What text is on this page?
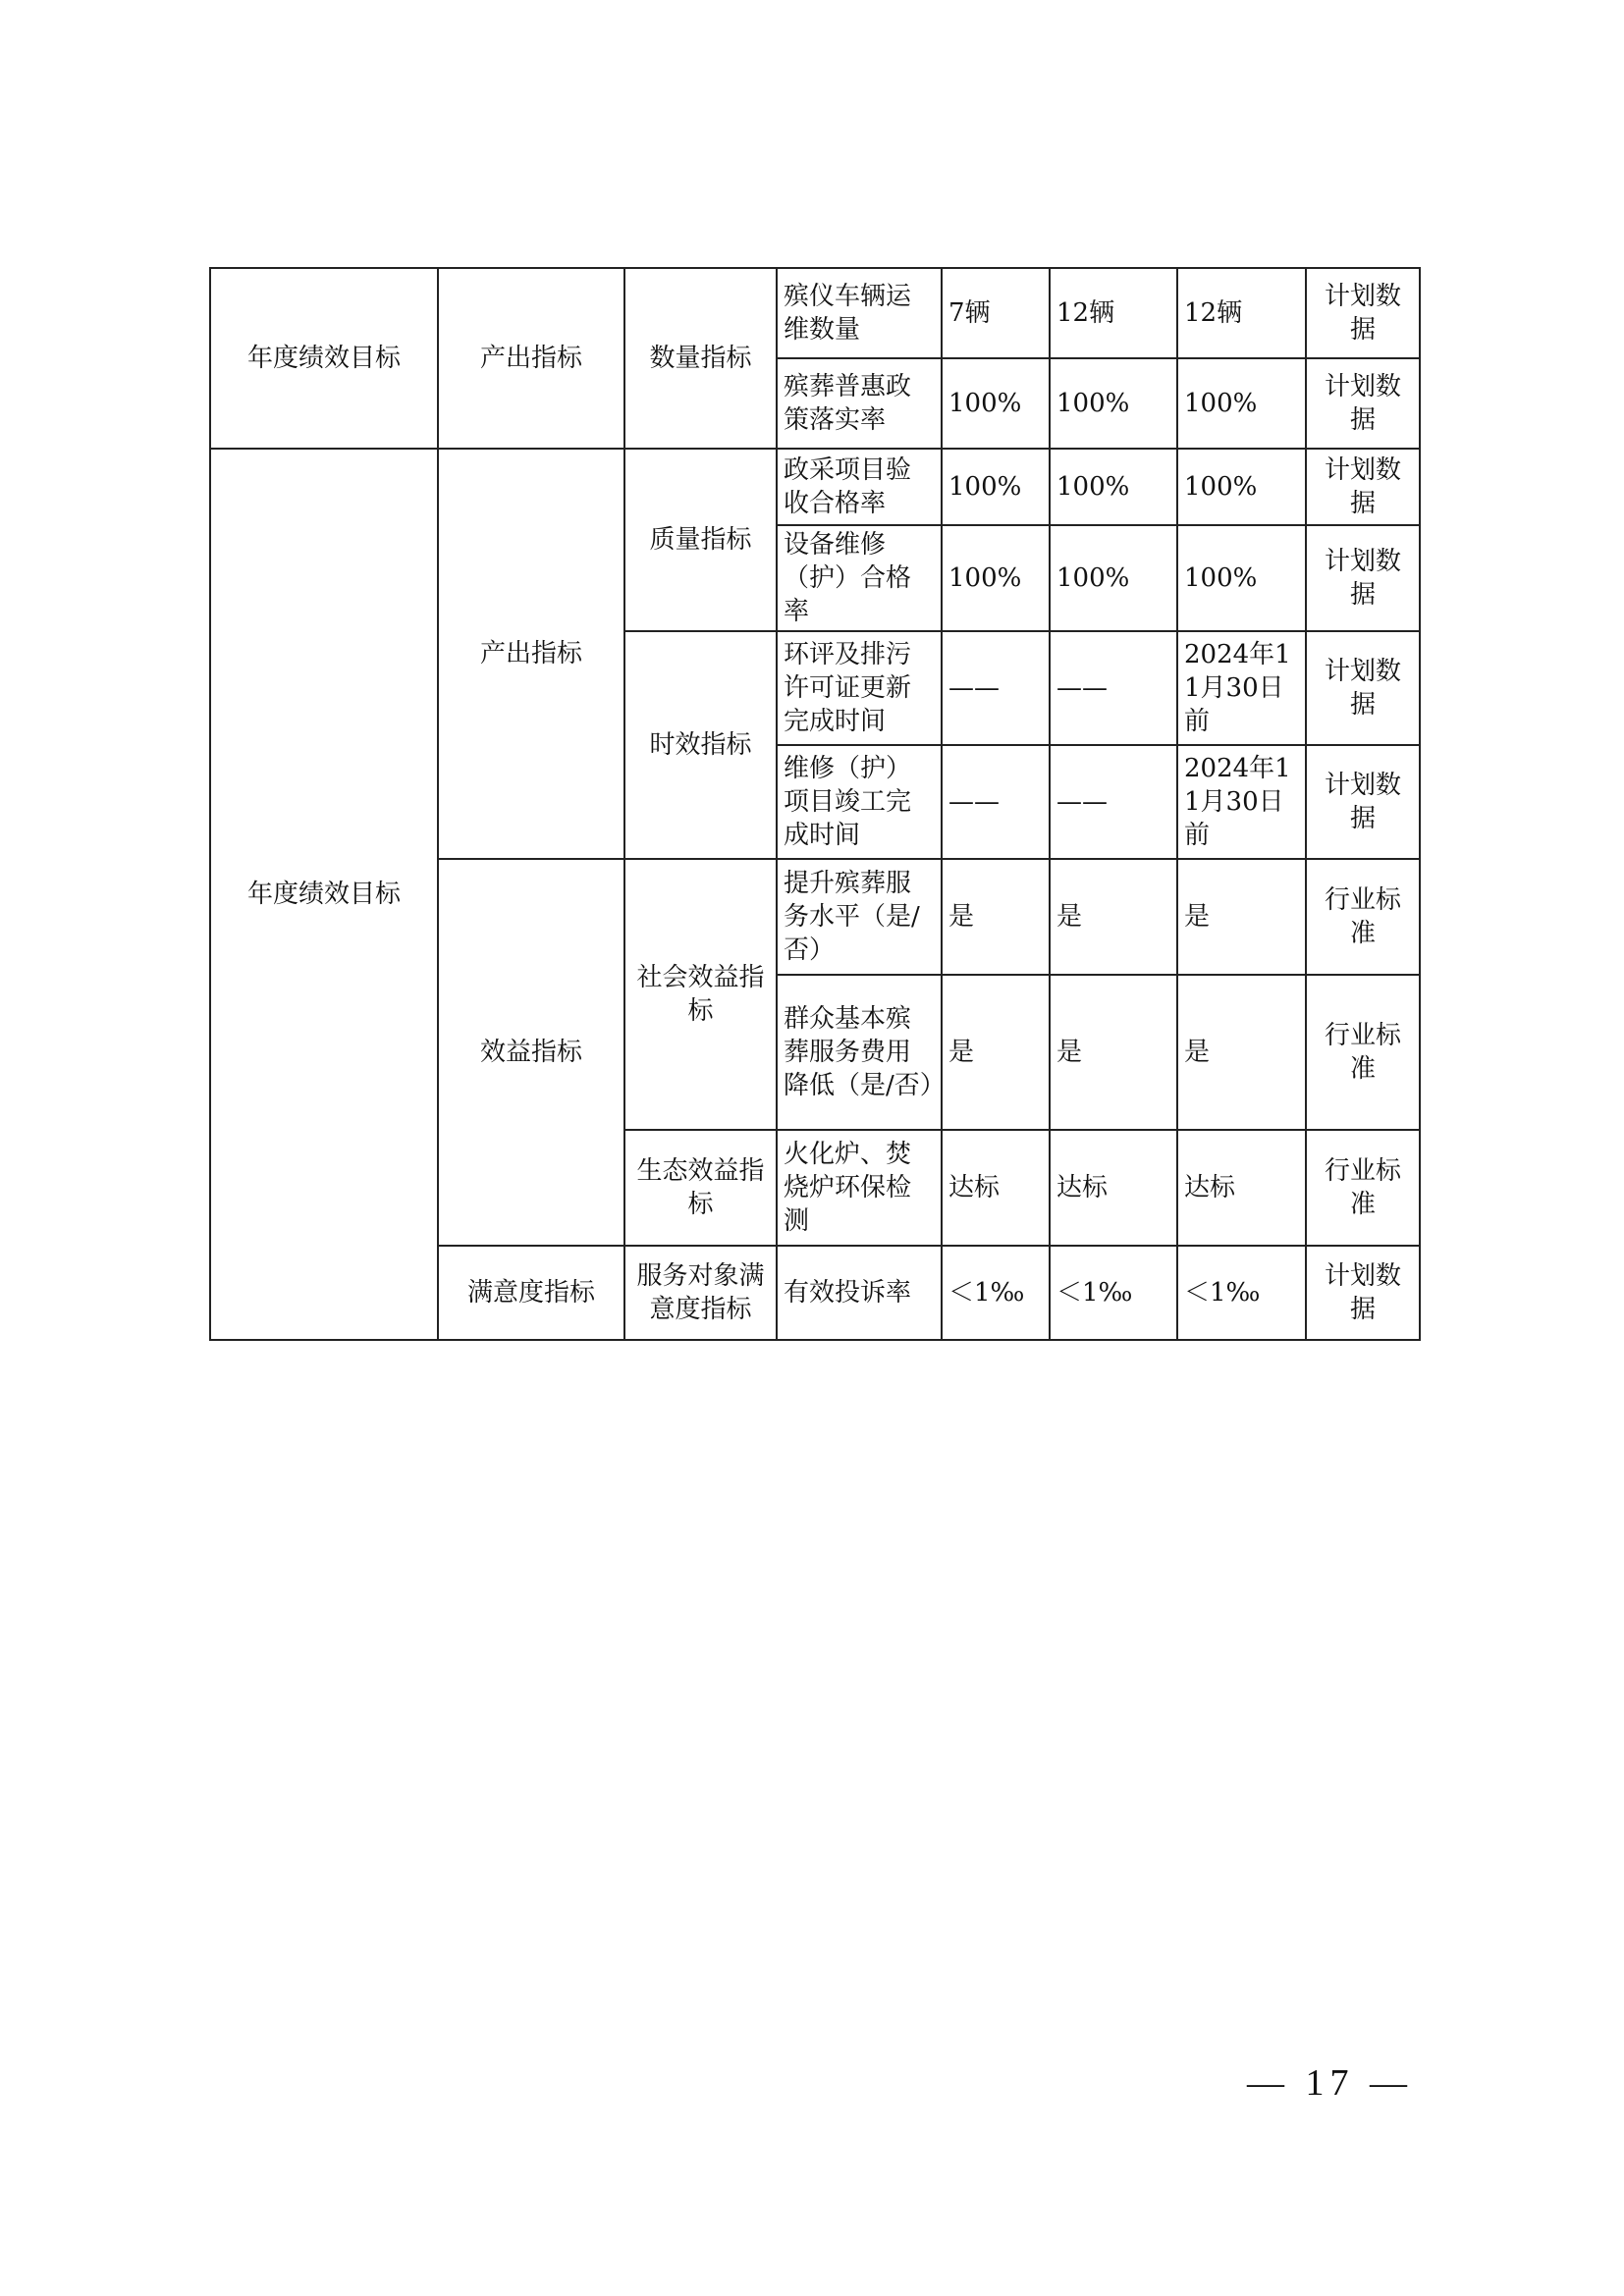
年度绩效目标	产出指标	数量指标	殡仪车辆运维数量	7辆	12辆	12辆	计划数据
			殡葬普惠政策落实率	100%	100%	100%	计划数据
年度绩效目标	产出指标	质量指标	政采项目验收合格率	100%	100%	100%	计划数据
			设备维修（护）合格率	100%	100%	100%	计划数据
		时效指标	环评及排污许可证更新完成时间	——	——	2024年11月30日前	计划数据
			维修（护）项目竣工完成时间	——	——	2024年11月30日前	计划数据
	效益指标	社会效益指标	提升殡葬服务水平（是/否）	是	是	是	行业标准
			群众基本殡葬服务费用降低（是/否）	是	是	是	行业标准
		生态效益指标	火化炉、焚烧炉环保检测	达标	达标	达标	行业标准
	满意度指标	服务对象满意度指标	有效投诉率	＜1‰	＜1‰	＜1‰	计划数据
— 17 —
